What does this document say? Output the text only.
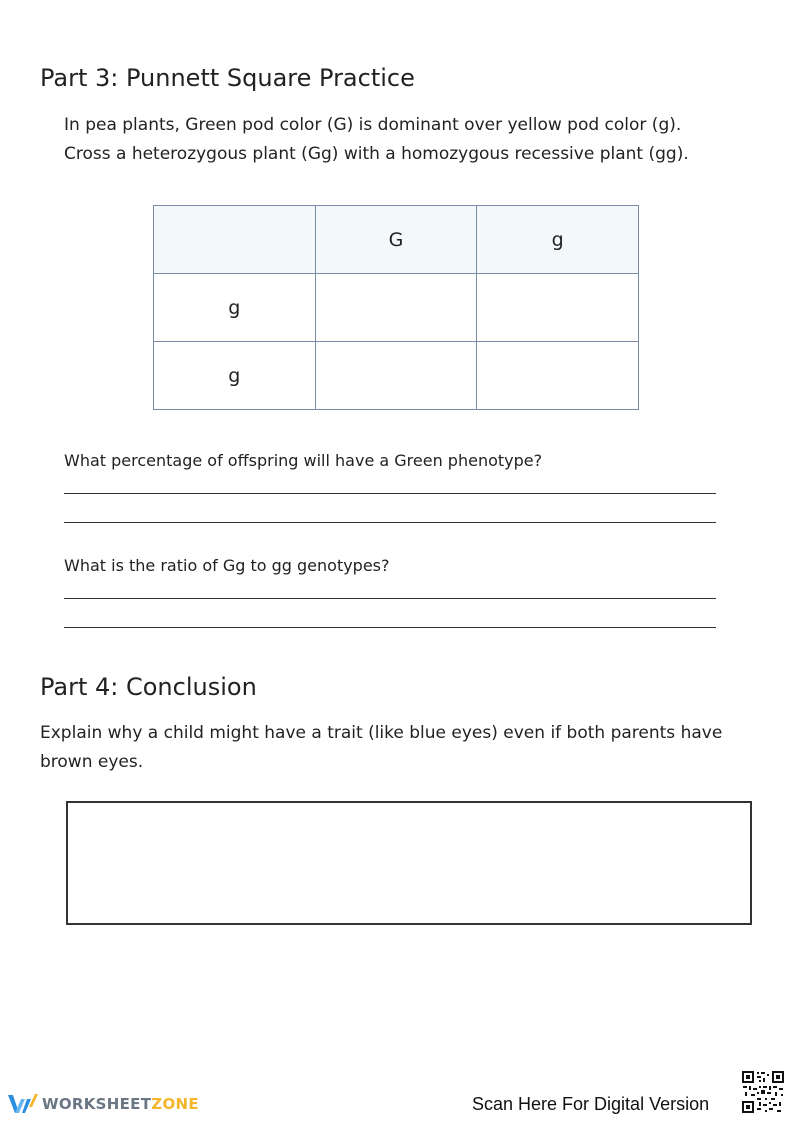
Part 3: Punnett Square Practice

In pea plants, Green pod color (G) is dominant over yellow pod color (g).

Cross a heterozygous plant (Gg) with a homozygous recessive plant (gg).

	G	g
g		
g		
What percentage of offspring will have a Green phenotype?
What is the ratio of Gg to gg genotypes?
Part 4: Conclusion

Explain why a child might have a trait (like blue eyes) even if both parents have

brown eyes.

WORKSHEETZONE	Scan Here For Digital Version
